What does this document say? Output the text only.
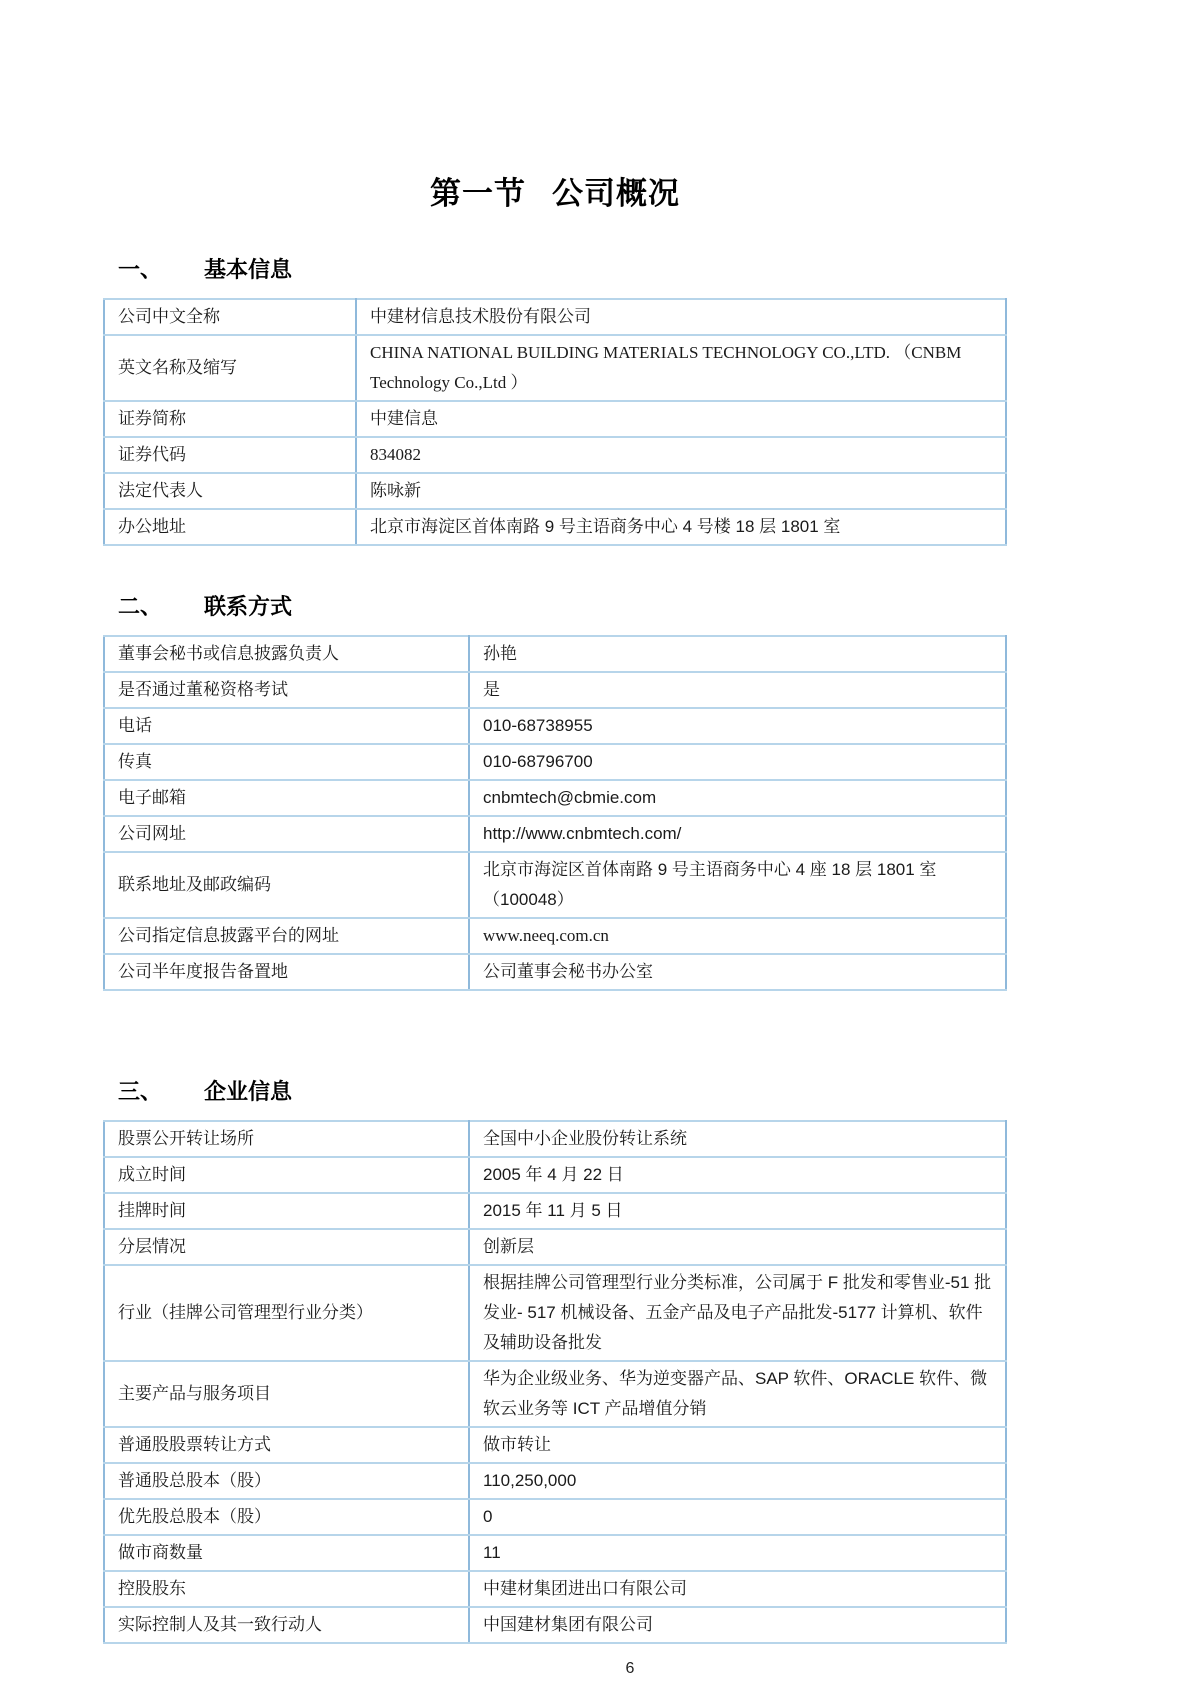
第一节 公司概况
一、 基本信息
公司中文全称	中建材信息技术股份有限公司
英文名称及缩写	CHINA NATIONAL BUILDING MATERIALS TECHNOLOGY CO.,LTD. （CNBM Technology Co.,Ltd ）
证券简称	中建信息
证券代码	834082
法定代表人	陈咏新
办公地址	北京市海淀区首体南路 9 号主语商务中心 4 号楼 18 层 1801 室
二、 联系方式
董事会秘书或信息披露负责人	孙艳
是否通过董秘资格考试	是
电话	010-68738955
传真	010-68796700
电子邮箱	cnbmtech@cbmie.com
公司网址	http://www.cnbmtech.com/
联系地址及邮政编码	北京市海淀区首体南路 9 号主语商务中心 4 座 18 层 1801 室（100048）
公司指定信息披露平台的网址	www.neeq.com.cn
公司半年度报告备置地	公司董事会秘书办公室
三、 企业信息
股票公开转让场所	全国中小企业股份转让系统
成立时间	2005 年 4 月 22 日
挂牌时间	2015 年 11 月 5 日
分层情况	创新层
行业（挂牌公司管理型行业分类）	根据挂牌公司管理型行业分类标准，公司属于 F 批发和零售业-51 批发业- 517 机械设备、五金产品及电子产品批发-5177 计算机、软件及辅助设备批发
主要产品与服务项目	华为企业级业务、华为逆变器产品、SAP 软件、ORACLE 软件、微软云业务等 ICT 产品增值分销
普通股股票转让方式	做市转让
普通股总股本（股）	110,250,000
优先股总股本（股）	0
做市商数量	11
控股股东	中建材集团进出口有限公司
实际控制人及其一致行动人	中国建材集团有限公司
6
